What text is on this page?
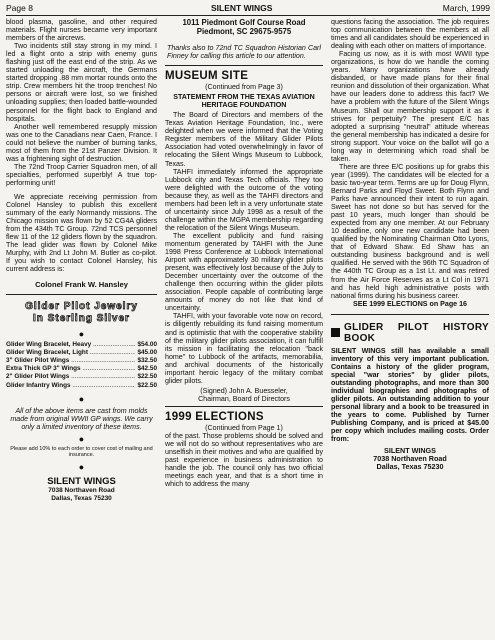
Page 8	SILENT WINGS	March, 1999

blood plasma, gasoline, and other required materials. Flight nurses became very important members of the aircrews.

Two incidents still stay strong in my mind. I led a flight onto a strip with enemy guns flashing just off the east end of the strip. As we started unloading the aircraft, the Germans started dropping .88 mm mortar rounds onto the strip. Crew members hit the troop trenches! No persons or aircraft were lost, so we finished unloading supplies; then loaded battle-wounded personnel for the flight back to England and hospitals.

Another well remembered resupply mission was one to the Canadians near Caen, France. I could not believe the number of burning tanks, most of them from the 21st Panzer Division. It was a frightening sight of destruction.

The 72nd Troop Carrier Squadron men, of all specialties, performed superbly! A true top-performing unit!

We appreciate receiving permission from Colonel Hansley to publish this excellent summary of the early Normandy missions. The Chicago mission was flown by 52 CG4A gliders from the 434th TC Group. 72nd TCS personnel flew 11 of the 12 gliders flown by the squadron. The lead glider was flown by Colonel Mike Murphy, with 2nd Lt John M. Butler as co-pilot. If you wish to contact Colonel Hansley, his current address is:

Colonel Frank W. Hansley

Glider Pilot Jewelry
In Sterling Silver
●
Glider Wing Bracelet, Heavy .....	$54.00
Glider Wing Bracelet, Light .....	$45.00
3" Glider Pilot Wings .....	$32.50
Extra Thick GP 3" Wings .....	$42.50
2" Glider Pilot Wings .....	$22.50
Glider Infantry Wings .....	$22.50
●

All of the above items are cast from molds made from original WWII GP wings. We carry only a limited inventory of these items.

●

Please add 10% to each order to cover cost of mailing and insurance.

●
SILENT WINGS
7038 Northaven Road
Dallas, Texas 75230
1011 Piedmont Golf Course Road
Piedmont, SC 29675-9575

Thanks also to 72nd TC Squadron Historian Carl Finney for calling this article to our attention.

MUSEUM SITE

(Continued from Page 3)

STATEMENT FROM THE TEXAS AVIATION HERITAGE FOUNDATION

The Board of Directors and members of the Texas Aviation Heritage Foundation, Inc., were delighted when we were informed that the Voting Register members of the Military Glider Pilots Association had voted overwhelmingly in favor of relocating the Silent Wings Museum to Lubbock, Texas.

TAHFI immediately informed the appropriate Lubbock city and Texas Tech officials. They too were delighted with the outcome of the voting because they, as well as the TAHFI directors and members had been left in a very unfortunate state of uncertainty since July 1998 as a result of the challenge within the MGPA membership regarding the relocation of the Silent Wings Museum.

The excellent publicity and fund raising momentum generated by TAHFI with the June 1998 Press Conference at Lubbock International Airport with approximately 30 military glider pilots present, was effectively lost because of the July to December uncertainty over the outcome of the challenge then occurring within the glider pilots association. People capable of contributing large amounts of money do not like that kind of uncertainty.

TAHFI, with your favorable vote now on record, is diligently rebuilding its fund raising momentum and is optimistic that with the cooperative stability of the military glider pilots association, it can fulfill its mission in facilitating the relocation "back home" to Lubbock of the artifacts, memorabilia, and archival documents of the historically important heroic legacy of the military combat glider pilots.

(Signed) John A. Buesseler,

Chairman, Board of Directors

1999 ELECTIONS

(Continued from Page 1)

of the past. Those problems should be solved and we will not do so without representatives who are unselfish in their motives and who are qualified by past experience in business administration to handle the job. The council only has two official meetings each year, and that is a short time in which to address the many

questions facing the association. The job requires top communication between the members at all times and all candidates should be experienced in dealing with each other on matters of importance.

Facing us now, as it is with most WWII type organizations, is how do we handle the coming years. Many organizations have already disbanded, or have made plans for their final reunion and dissolution of their organization. What have our leaders done to address this fact? We have a problem with the future of the Silent Wings Museum. Shall our membership support it as it strives for perpetuity? The present E/C has adopted a surprising "neutral" attitude whereas the general membership has indicated a desire for strong support. Your voice on the ballot will go a long way in determining which road shall be taken.

There are three E/C positions up for grabs this year (1999). The candidates will be elected for a basic two-year term. Terms are up for Doug Flynn, Bernard Parks and Floyd Sweet. Both Flynn and Parks have announced their intent to run again. Sweet has not done so but has served for the past 10 years, much longer than should be expected from any one member. At our February 10 deadline, only one new candidate had been qualified by the Nominating Chairman Otto Lyons, that of Edward Shaw. Ed Shaw has an outstanding business background and is well qualified. He served with the 96th TC Squadron of the 440th TC Group as a 1st Lt. and was retired from the Air Force Reserves as a Lt Col in 1971 and has held high administrative posts with national firms during his business career.

SEE 1999 ELECTIONS on Page 16

GLIDER PILOT HISTORY BOOK

SILENT WINGS still has available a small inventory of this very important publication. Contains a history of the glider program, special "war stories" by glider pilots, outstanding photographs, and more than 300 individual biographies and photographs of glider pilots. An outstanding addition to your personal library and a book to be treasured in the years to come. Published by Turner Publishing Company, and is priced at $45.00 per copy which includes mailing costs. Order from:

SILENT WINGS
7038 Northaven Road
Dallas, Texas 75230
